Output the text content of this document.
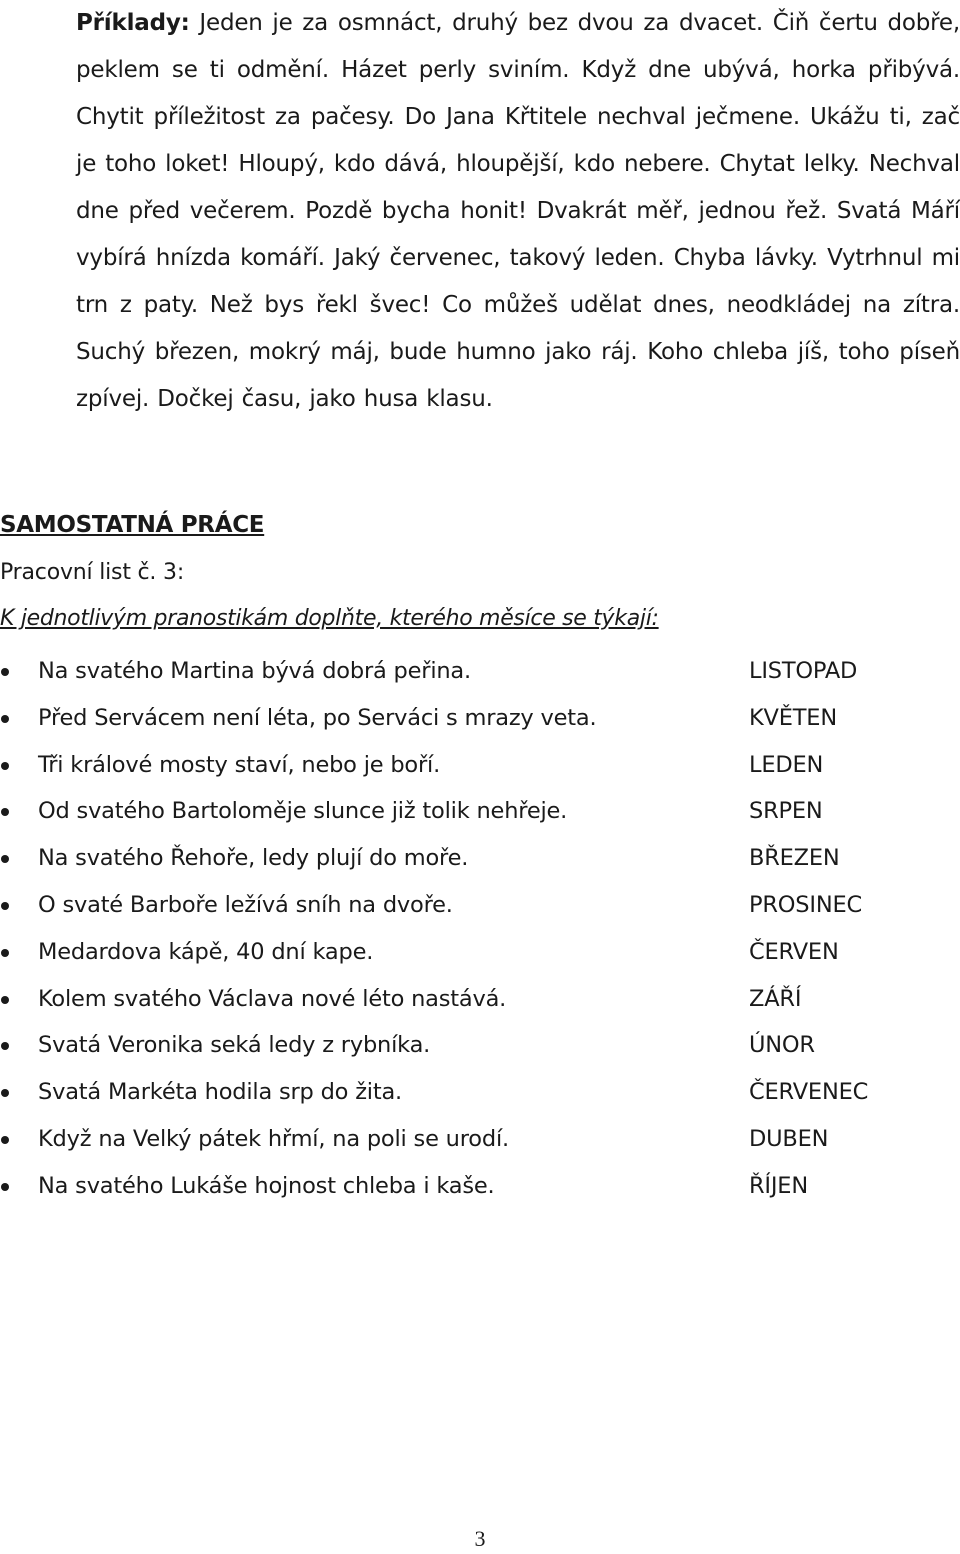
Příklady: Jeden je za osmnáct, druhý bez dvou za dvacet. Čiň čertu dobře, peklem se ti odmění. Házet perly sviním. Když dne ubývá, horka přibývá. Chytit příležitost za pačesy. Do Jana Křtitele nechval ječmene. Ukážu ti, zač je toho loket! Hloupý, kdo dává, hloupější, kdo nebere. Chytat lelky. Nechval dne před večerem. Pozdě bycha honit! Dvakrát měř, jednou řež. Svatá Máří vybírá hnízda komáří. Jaký červenec, takový leden. Chyba lávky. Vytrhnul mi trn z paty. Než bys řekl švec! Co můžeš udělat dnes, neodkládej na zítra. Suchý březen, mokrý máj, bude humno jako ráj. Koho chleba jíš, toho píseň zpívej. Dočkej času, jako husa klasu.
SAMOSTATNÁ PRÁCE
Pracovní list č. 3:
K jednotlivým pranostikám doplňte, kterého měsíce se týkají:
Na svatého Martina bývá dobrá peřina.	LISTOPAD
Před Servácem není léta, po Serváci s mrazy veta.	KVĚTEN
Tři králové mosty staví, nebo je boří.	LEDEN
Od svatého Bartoloměje slunce již tolik nehřeje.	SRPEN
Na svatého Řehoře, ledy plují do moře.	BŘEZEN
O svaté Barboře ležívá sníh na dvoře.	PROSINEC
Medardova kápě, 40 dní kape.	ČERVEN
Kolem svatého Václava nové léto nastává.	ZÁŘÍ
Svatá Veronika seká ledy z rybníka.	ÚNOR
Svatá Markéta hodila srp do žita.	ČERVENEC
Když na Velký pátek hřmí, na poli se urodí.	DUBEN
Na svatého Lukáše hojnost chleba i kaše.	ŘÍJEN
3
